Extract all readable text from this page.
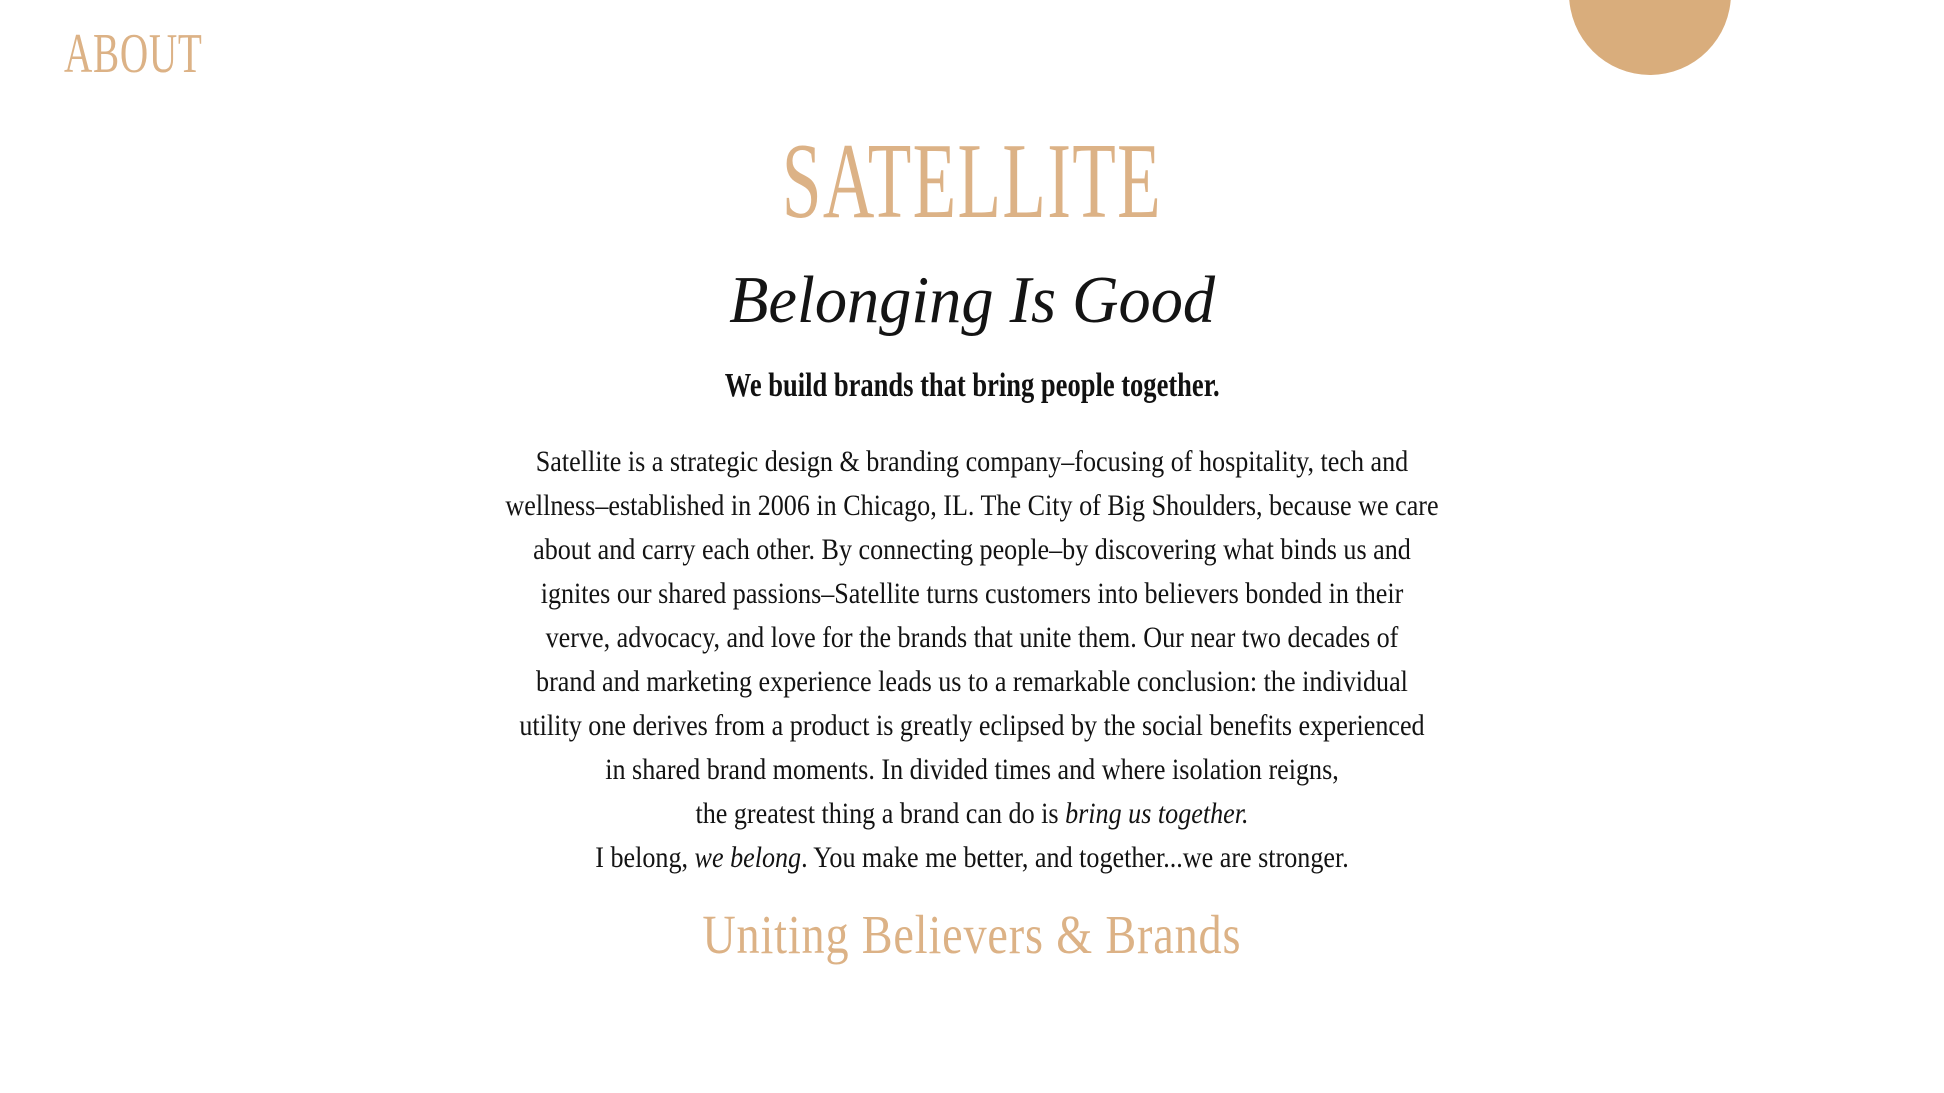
ABOUT
SATELLITE
Belonging Is Good
We build brands that bring people together.
Satellite is a strategic design & branding company–focusing of hospitality, tech and
wellness–established in 2006 in Chicago, IL. The City of Big Shoulders, because we care
about and carry each other. By connecting people–by discovering what binds us and
ignites our shared passions–Satellite turns customers into believers bonded in their
verve, advocacy, and love for the brands that unite them. Our near two decades of
brand and marketing experience leads us to a remarkable conclusion: the individual
utility one derives from a product is greatly eclipsed by the social benefits experienced
in shared brand moments. In divided times and where isolation reigns,
the greatest thing a brand can do is bring us together.
I belong, we belong. You make me better, and together...we are stronger.
Uniting Believers & Brands
